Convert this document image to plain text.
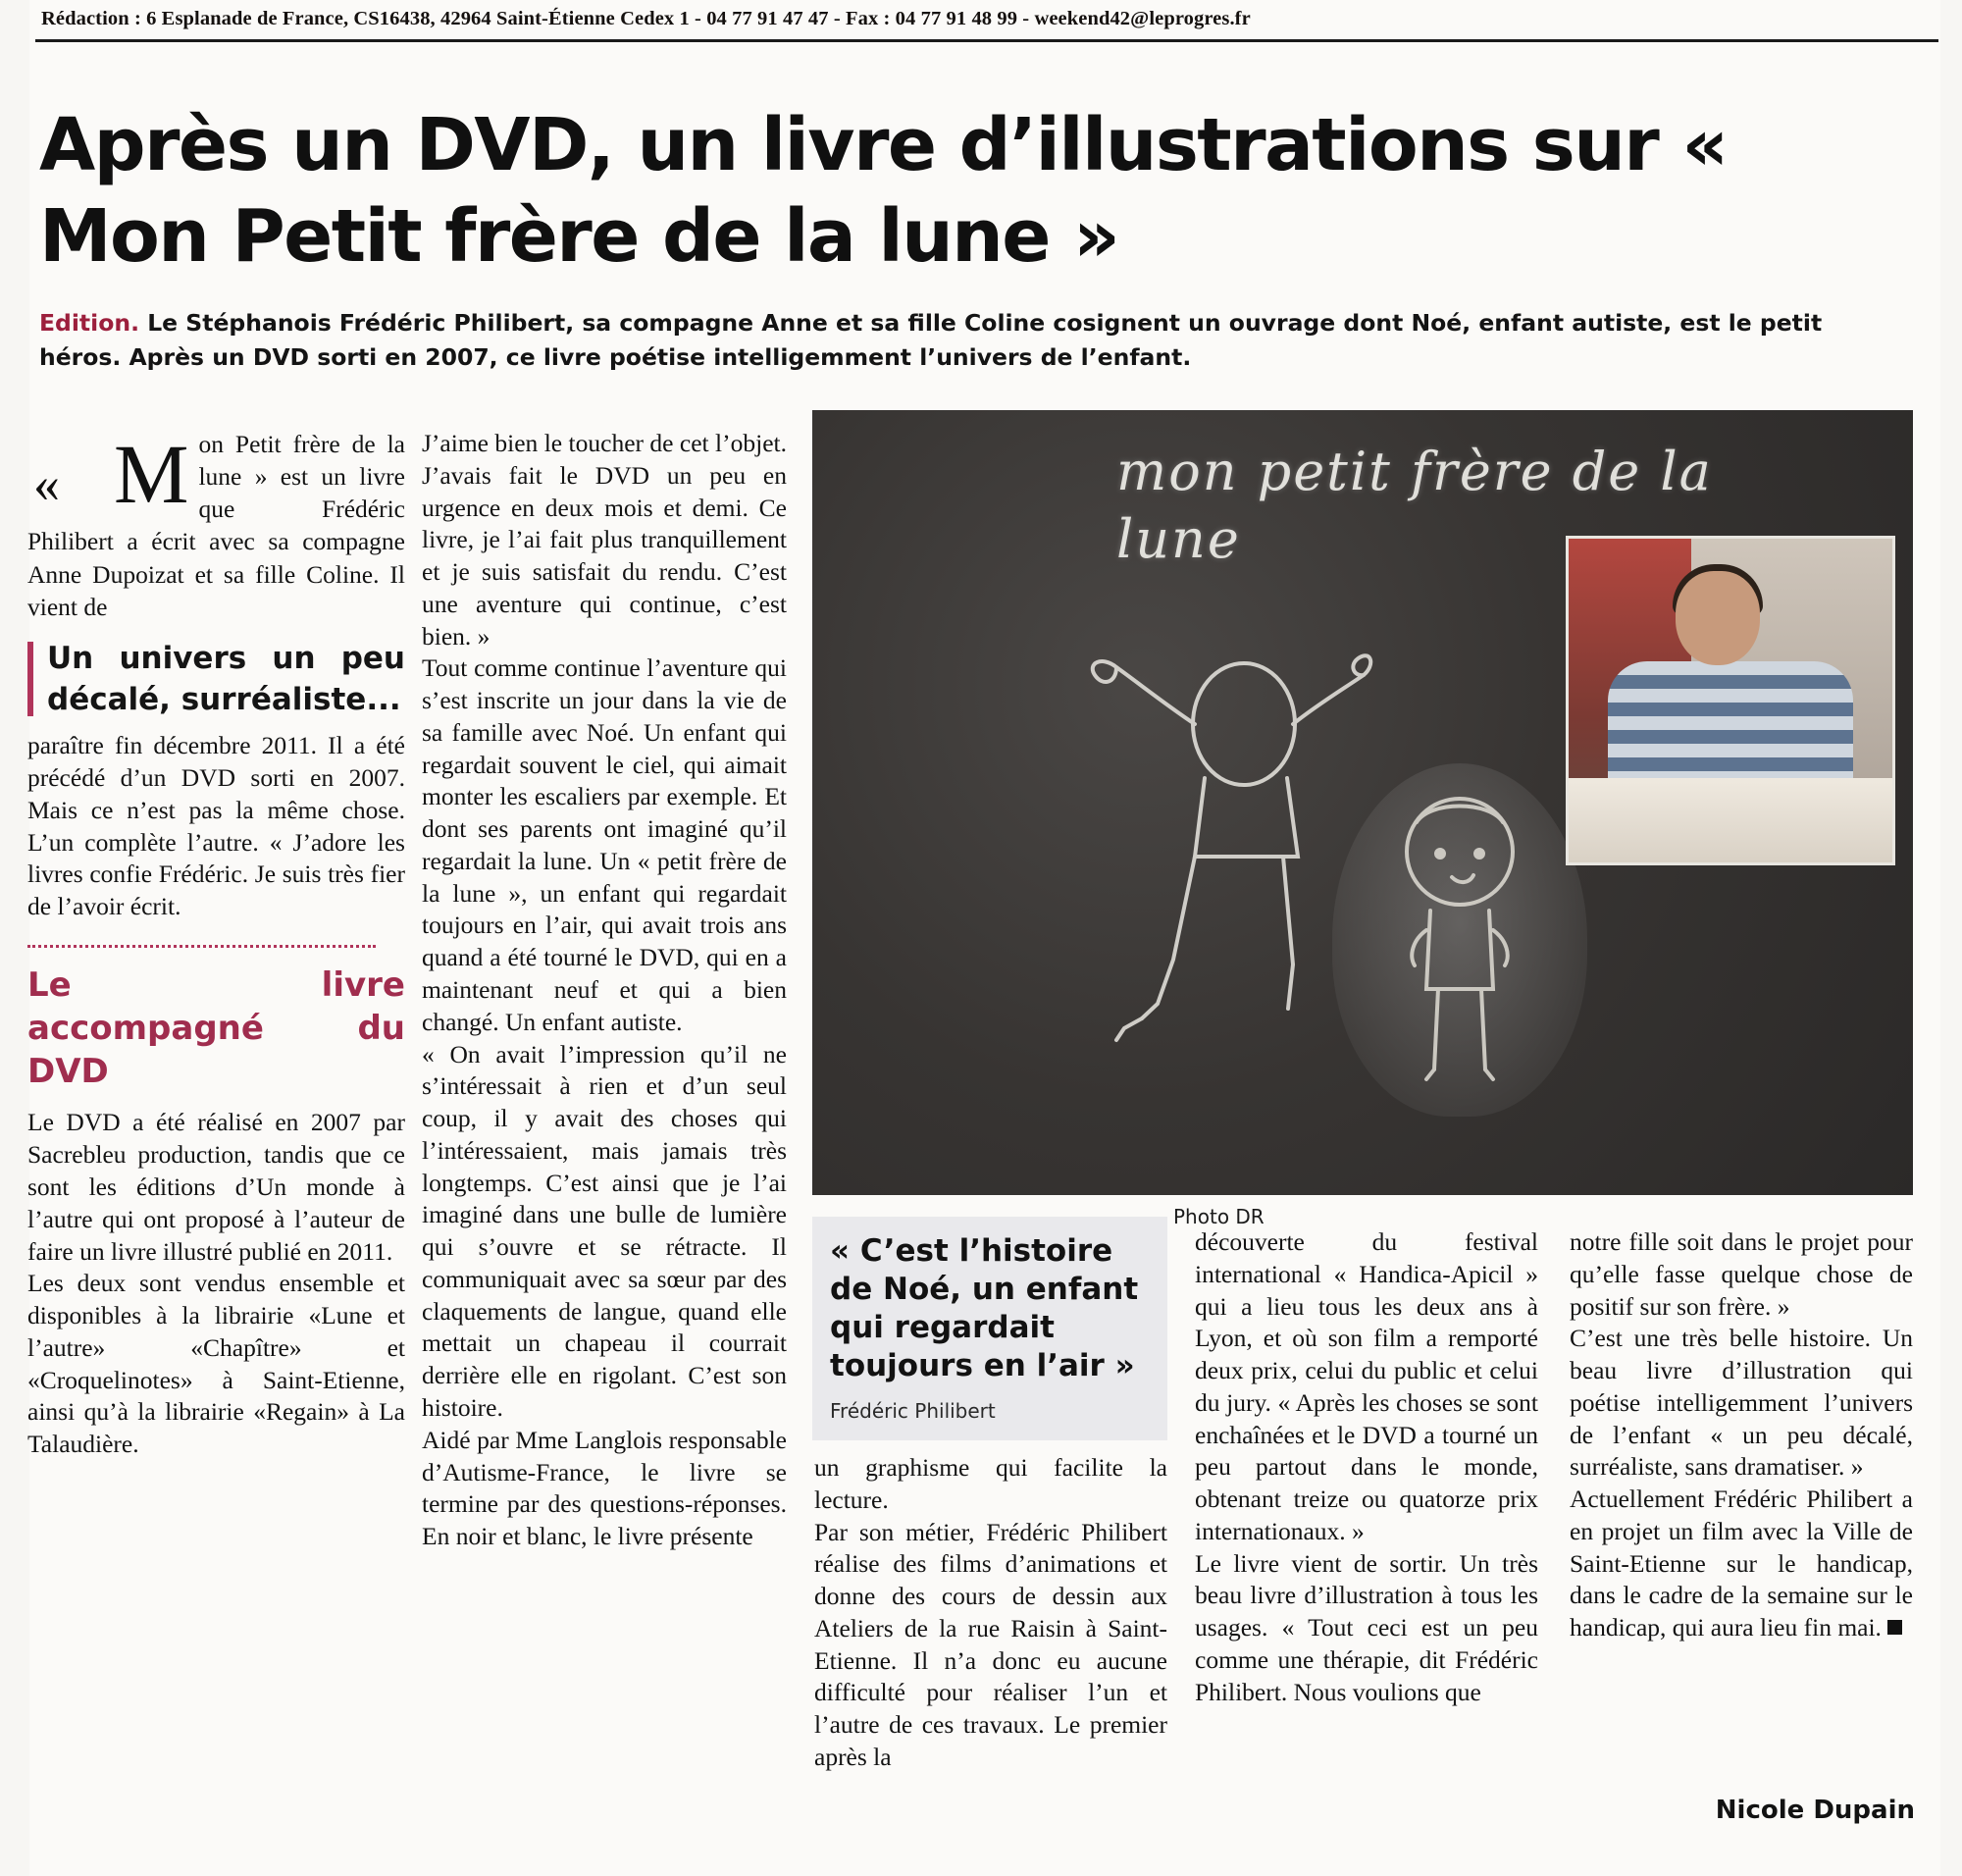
Rédaction : 6 Esplanade de France, CS16438, 42964 Saint-Étienne Cedex 1 - 04 77 91 47 47 - Fax : 04 77 91 48 99 - weekend42@leprogres.fr
Après un DVD, un livre d’illustrations sur « Mon Petit frère de la lune »
Edition. Le Stéphanois Frédéric Philibert, sa compagne Anne et sa fille Coline cosignent un ouvrage dont Noé, enfant autiste, est le petit héros. Après un DVD sorti en 2007, ce livre poétise intelligemment l’univers de l’enfant.
« M on Petit frère de la lune » est un livre que Frédéric Philibert a écrit avec sa compagne Anne Dupoizat et sa fille Coline. Il vient de

Un univers un peu décalé, surréaliste...

paraître fin décembre 2011. Il a été précédé d’un DVD sorti en 2007. Mais ce n’est pas la même chose. L’un complète l’autre. « J’adore les livres confie Frédéric. Je suis très fier de l’avoir écrit.

Le livre accompagné du DVD

Le DVD a été réalisé en 2007 par Sacrebleu production, tandis que ce sont les éditions d’Un monde à l’autre qui ont proposé à l’auteur de faire un livre illustré publié en 2011.

Les deux sont vendus ensemble et disponibles à la librairie «Lune et l’autre» «Chapître» et «Croquelinotes» à Saint-Etienne, ainsi qu’à la librairie «Regain» à La Talaudière.

J’aime bien le toucher de cet l’objet. J’avais fait le DVD un peu en urgence en deux mois et demi. Ce livre, je l’ai fait plus tranquillement et je suis satisfait du rendu. C’est une aventure qui continue, c’est bien. »

Tout comme continue l’aventure qui s’est inscrite un jour dans la vie de sa famille avec Noé. Un enfant qui regardait souvent le ciel, qui aimait monter les escaliers par exemple. Et dont ses parents ont imaginé qu’il regardait la lune. Un « petit frère de la lune », un enfant qui regardait toujours en l’air, qui avait trois ans quand a été tourné le DVD, qui en a maintenant neuf et qui a bien changé. Un enfant autiste.

« On avait l’impression qu’il ne s’intéressait à rien et d’un seul coup, il y avait des choses qui l’intéressaient, mais jamais très longtemps. C’est ainsi que je l’ai imaginé dans une bulle de lumière qui s’ouvre et se rétracte. Il communiquait avec sa sœur par des claquements de langue, quand elle mettait un chapeau il courrait derrière elle en rigolant. C’est son histoire.

Aidé par Mme Langlois responsable d’Autisme-France, le livre se termine par des questions-réponses. En noir et blanc, le livre présente

mon petit frère de la lune
Photo DR
« C’est l’histoire de Noé, un enfant qui regardait toujours en l’air »
Frédéric Philibert

un graphisme qui facilite la lecture.

Par son métier, Frédéric Philibert réalise des films d’animations et donne des cours de dessin aux Ateliers de la rue Raisin à Saint-Etienne. Il n’a donc eu aucune difficulté pour réaliser l’un et l’autre de ces travaux. Le premier après la

découverte du festival international « Handica-Apicil » qui a lieu tous les deux ans à Lyon, et où son film a remporté deux prix, celui du public et celui du jury. « Après les choses se sont enchaînées et le DVD a tourné un peu partout dans le monde, obtenant treize ou quatorze prix internationaux. »

Le livre vient de sortir. Un très beau livre d’illustration à tous les usages. « Tout ceci est un peu comme une thérapie, dit Frédéric Philibert. Nous voulions que

notre fille soit dans le projet pour qu’elle fasse quelque chose de positif sur son frère. »

C’est une très belle histoire. Un beau livre d’illustration qui poétise intelligemment l’univers de l’enfant « un peu décalé, surréaliste, sans dramatiser. »

Actuellement Frédéric Philibert a en projet un film avec la Ville de Saint-Etienne sur le handicap, dans le cadre de la semaine sur le handicap, qui aura lieu fin mai.

Nicole Dupain
